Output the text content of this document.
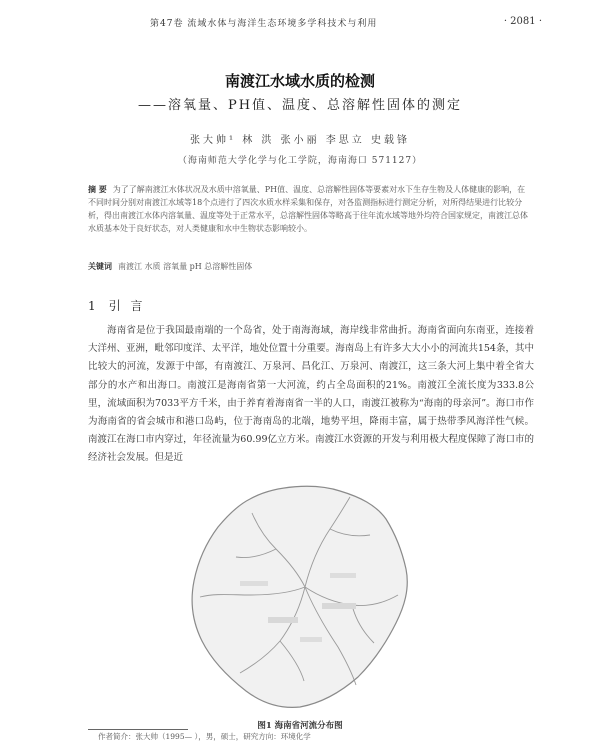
第47卷 流域水体与海洋生态环境多学科技术与利用	· 2081 ·
南渡江水域水质的检测
——溶氧量、PH值、温度、总溶解性固体的测定
张大帅¹ 林 洪 张小丽 李思立 史载锋
（海南师范大学化学与化工学院，海南海口 571127）
摘 要 为了了解南渡江水体状况及水质中溶氧量、PH值、温度、总溶解性固体等要素对水下生存生物及人体健康的影响，在不同时间分别对南渡江水域等18个点进行了四次水质水样采集和保存，对各监测指标进行测定分析，对所得结果进行比较分析，得出南渡江水体内溶氧量、温度等处于正常水平，总溶解性固体等略高于往年流水域等地外均符合国家规定，南渡江总体水质基本处于良好状态，对人类健康和水中生物状态影响较小。
关键词 南渡江 水质 溶氧量 pH 总溶解性固体
1 引 言
海南省是位于我国最南端的一个岛省，处于南海海域，海岸线非常曲折。海南省面向东南亚，连接着大洋州、亚洲，毗邻印度洋、太平洋，地处位置十分重要。海南岛上有许多大大小小的河流共154条，其中比较大的河流，发源于中部，有南渡江、万泉河、昌化江、万泉河、南渡江，这三条大河上集中着全省大部分的水产和出海口。南渡江是海南省第一大河流，约占全岛面积的21%。南渡江全流长度为333.8公里，流域面积为7033平方千米，由于养育着海南省一半的人口，南渡江被称为“海南的母亲河”。海口市作为海南省的省会城市和港口岛屿，位于海南岛的北端，地势平坦，降雨丰富，属于热带季风海洋性气候。南渡江在海口市内穿过，年径流量为60.99亿立方米。南渡江水资源的开发与利用极大程度保障了海口市的经济社会发展。但是近
图1 海南省河流分布图
作者简介：张大帅（1995— ），男，硕士，研究方向：环境化学
